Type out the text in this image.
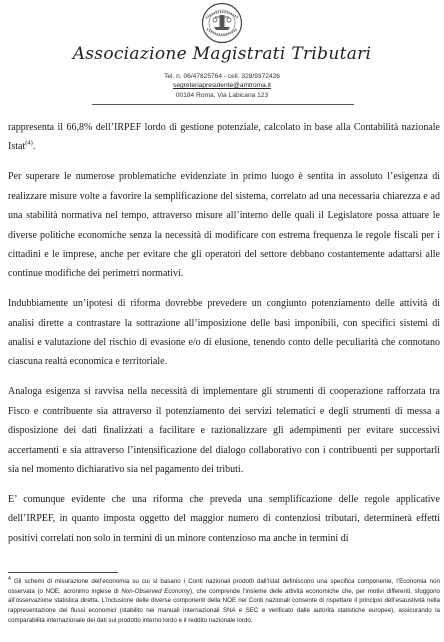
Associazione Magistrati Tributari
Tel. n. 06/47825764 - cell. 328/9372426
segreteriapresidente@amtroma.it
00184 Roma, Via Labicana 123

rappresenta il 66,8% dell’IRPEF lordo di gestione potenziale, calcolato in base alla Contabilità nazionale Istat$^{(4)}$.

Per superare le numerose problematiche evidenziate in primo luogo è sentita in assoluto l’esigenza di realizzare misure volte a favorire la semplificazione del sistema, correlato ad una necessaria chiarezza e ad una stabilità normativa nel tempo, attraverso misure all’interno delle quali il Legislatore possa attuare le diverse politiche economiche senza la necessità di modificare con estrema frequenza le regole fiscali per i cittadini e le imprese, anche per evitare che gli operatori del settore debbano costantemente adattarsi alle continue modifiche dei perimetri normativi.

Indubbiamente un’ipotesi di riforma dovrebbe prevedere un congiunto potenziamento delle attività di analisi dirette a contrastare la sottrazione all’imposizione delle basi imponibili, con specifici sistemi di analisi e valutazione del rischio di evasione e/o di elusione, tenendo conto delle peculiarità che connotano ciascuna realtà economica e territoriale.

Analoga esigenza si ravvisa nella necessità di implementare gli strumenti di cooperazione rafforzata tra Fisco e contribuente sia attraverso il potenziamento dei servizi telematici e degli strumenti di messa a disposizione dei dati finalizzati a facilitare e razionalizzare gli adempimenti per evitare successivi accertamenti e sia attraverso l’intensificazione del dialogo collaborativo con i contribuenti per supportarli sia nel momento dichiarativo sia nel pagamento dei tributi.

E’ comunque evidente che una riforma che preveda una semplificazione delle regole applicative dell’IRPEF, in quanto imposta oggetto del maggior numero di contenziosi tributari, determinerà effetti positivi correlati non solo in termini di un minore contenzioso ma anche in termini di

$^4$ Gli schemi di misurazione dell’economia su cui si basano i Conti nazionali prodotti dall’Istat definiscono una specifica componente, l’Economia non osservata (o NOE, acronimo inglese di Non-Observed Economy), che comprende l’insieme delle attività economiche che, per motivi differenti, sfuggono all’osservazione statistica diretta. L’inclusione delle diverse componenti della NOE nei Conti nazionali consente di rispettare il principio dell’esaustività nella rappresentazione dei flussi economici (stabilito nei manuali internazionali SNA e SEC e verificato dalle autorità statistiche europee), assicurando la comparabilità internazionale dei dati sul prodotto interno lordo e il reddito nazionale lordo.
